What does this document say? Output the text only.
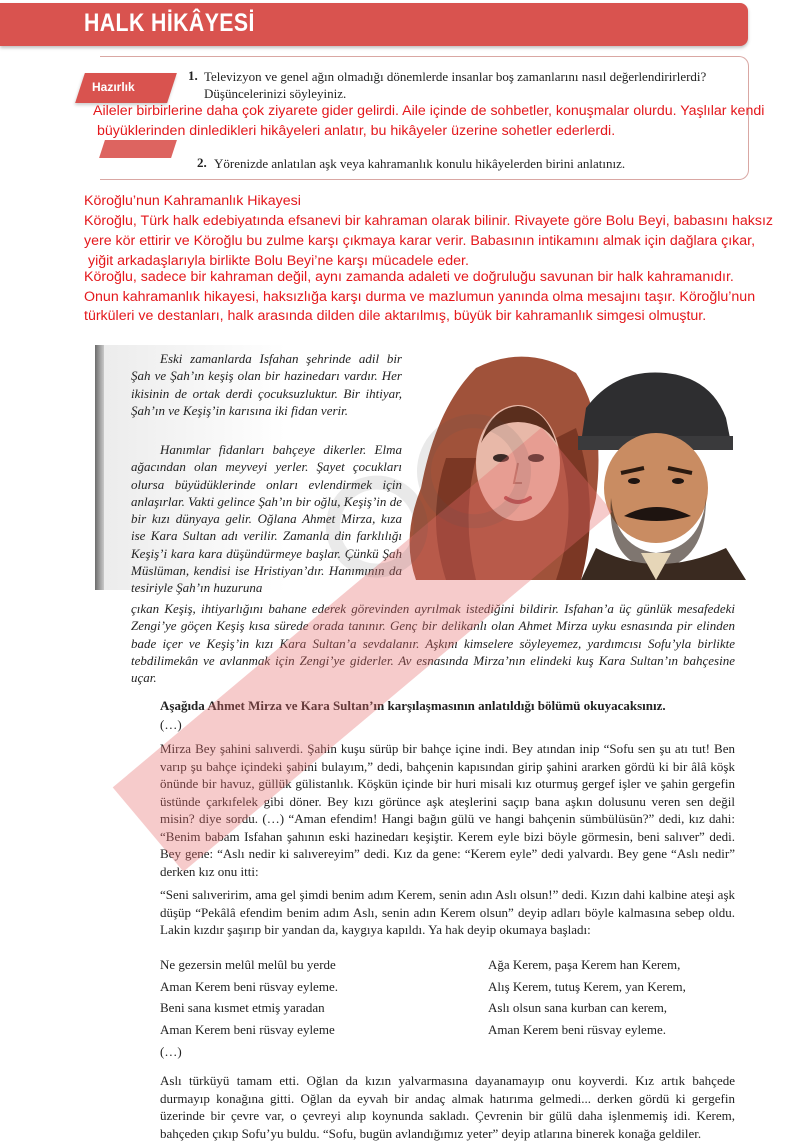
HALK HİKÂYESİ
Hazırlık
1. Televizyon ve genel ağın olmadığı dönemlerde insanlar boş zamanlarını nasıl değerlendirirlerdi?
Düşüncelerinizi söyleyiniz.
Aileler birbirlerine daha çok ziyarete gider gelirdi. Aile içinde de sohbetler, konuşmalar olurdu. Yaşlılar kendi
büyüklerinden dinledikleri hikâyeleri anlatır, bu hikâyeler üzerine sohetler ederlerdi.
2. Yörenizde anlatılan aşk veya kahramanlık konulu hikâyelerden birini anlatınız.
Köroğlu’nun Kahramanlık Hikayesi
Köroğlu, Türk halk edebiyatında efsanevi bir kahraman olarak bilinir. Rivayete göre Bolu Beyi, babasını haksız
yere kör ettirir ve Köroğlu bu zulme karşı çıkmaya karar verir. Babasının intikamını almak için dağlara çıkar,
yiğit arkadaşlarıyla birlikte Bolu Beyi’ne karşı mücadele eder.
Köroğlu, sadece bir kahraman değil, aynı zamanda adaleti ve doğruluğu savunan bir halk kahramanıdır.
Onun kahramanlık hikayesi, haksızlığa karşı durma ve mazlumun yanında olma mesajını taşır. Köroğlu’nun
türküleri ve destanları, halk arasında dilden dile aktarılmış, büyük bir kahramanlık simgesi olmuştur.
Eski zamanlarda Isfahan şehrinde adil bir Şah ve Şah’ın keşiş olan bir hazinedarı vardır. Her ikisinin de ortak derdi çocuksuzluktur. Bir ihtiyar, Şah’ın ve Keşiş’in karısına iki fidan verir.
Hanımlar fidanları bahçeye dikerler. Elma ağacından olan meyveyi yerler. Şayet çocukları olursa büyüdüklerinde onları evlendirmek için anlaşırlar. Vakti gelince Şah’ın bir oğlu, Keşiş’in de bir kızı dünyaya gelir. Oğlana Ahmet Mirza, kıza ise Kara Sultan adı verilir. Zamanla din farklılığı Keşiş’i kara kara düşündürmeye başlar. Çünkü Şah Müslüman, kendisi ise Hristiyan’dır. Hanımının da tesiriyle Şah’ın huzuruna
çıkan Keşiş, ihtiyarlığını bahane ederek görevinden ayrılmak istediğini bildirir. Isfahan’a üç günlük mesafedeki Zengi’ye göçen Keşiş kısa sürede orada tanınır. Genç bir delikanlı olan Ahmet Mirza uyku esnasında pir elinden bade içer ve Keşiş’in kızı Kara Sultan’a sevdalanır. Aşkını kimselere söyleyemez, yardımcısı Sofu’yla birlikte tebdilimekân ve avlanmak için Zengi’ye giderler. Av esnasında Mirza’nın elindeki kuş Kara Sultan’ın bahçesine uçar.
Aşağıda Ahmet Mirza ve Kara Sultan’ın karşılaşmasının anlatıldığı bölümü okuyacaksınız.
(…)
Mirza Bey şahini salıverdi. Şahin kuşu sürüp bir bahçe içine indi. Bey atından inip “Sofu sen şu atı tut! Ben varıp şu bahçe içindeki şahini bulayım,” dedi, bahçenin kapısından girip şahini ararken gördü ki bir âlâ köşk önünde bir havuz, güllük gülistanlık. Köşkün içinde bir huri misali kız oturmuş gergef işler ve şahin gergefin üstünde çarkıfelek gibi döner. Bey kızı görünce aşk ateşlerini saçıp bana aşkın dolusunu veren sen değil misin? diye sordu. (…) “Aman efendim! Hangi bağın gülü ve hangi bahçenin sümbülüsün?” dedi, kız dahi: “Benim babam Isfahan şahının eski hazinedarı keşiştir. Kerem eyle bizi böyle görmesin, beni salıver” dedi. Bey gene: “Aslı nedir ki salıvereyim” dedi. Kız da gene: “Kerem eyle” dedi yalvardı. Bey gene “Aslı nedir” derken kız onu itti:
“Seni salıveririm, ama gel şimdi benim adım Kerem, senin adın Aslı olsun!” dedi. Kızın dahi kalbine ateşi aşk düşüp “Pekâlâ efendim benim adım Aslı, senin adın Kerem olsun” deyip adları böyle kalmasına sebep oldu. Lakin kızdır şaşırıp bir yandan da, kaygıya kapıldı. Ya hak deyip okumaya başladı:
Ne gezersin melûl melûl bu yerde
Aman Kerem beni rüsvay eyleme.
Beni sana kısmet etmiş yaradan
Aman Kerem beni rüsvay eyleme
(…)
Ağa Kerem, paşa Kerem han Kerem,
Alış Kerem, tutuş Kerem, yan Kerem,
Aslı olsun sana kurban can kerem,
Aman Kerem beni rüsvay eyleme.
Aslı türküyü tamam etti. Oğlan da kızın yalvarmasına dayanamayıp onu koyverdi. Kız artık bahçede durmayıp konağına gitti. Oğlan da eyvah bir andaç almak hatırıma gelmedi... derken gördü ki gergefin üzerinde bir çevre var, o çevreyi alıp koynunda sakladı. Çevrenin bir gülü daha işlenmemiş idi. Kerem, bahçeden çıkıp Sofu’yu buldu. “Sofu, bugün avlandığımız yeter” deyip atlarına binerek konağa geldiler.
